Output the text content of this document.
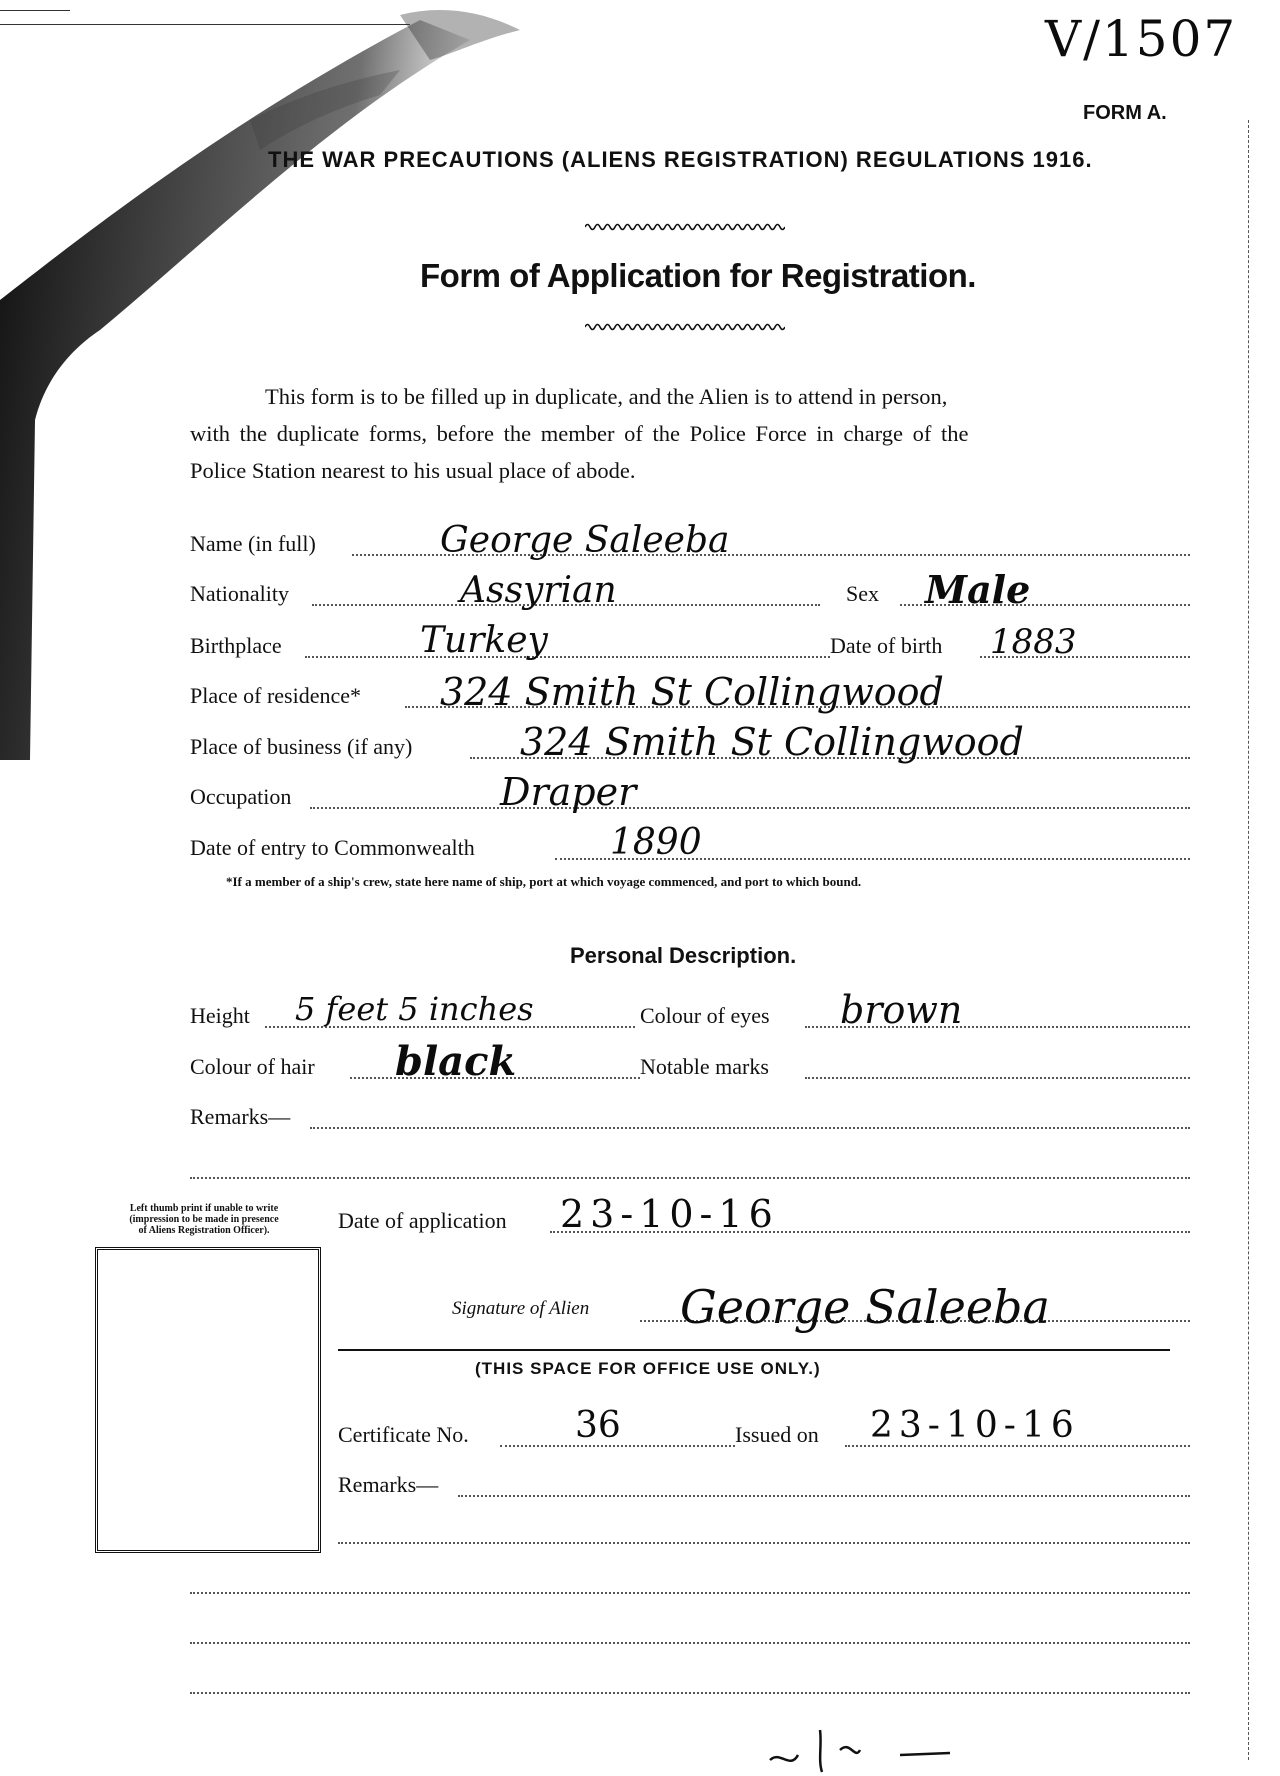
V/1507
FORM A.
THE WAR PRECAUTIONS (ALIENS REGISTRATION) REGULATIONS 1916.
Form of Application for Registration.
This form is to be filled up in duplicate, and the Alien is to attend in person,
with the duplicate forms, before the member of the Police Force in charge of the
Police Station nearest to his usual place of abode.
Name (in full)	George Saleeba
Nationality	Assyrian	Sex Male
Birthplace	Turkey	Date of birth 1883
Place of residence* 324 Smith St Collingwood
Place of business (if any)	324 Smith St Collingwood
Occupation	Draper
Date of entry to Commonwealth	1890
*If a member of a ship's crew, state here name of ship, port at which voyage commenced, and port to which bound.
Personal Description.
Height 5 feet 5 inches	Colour of eyes brown
Colour of hair black	Notable marks
Remarks—
Left thumb print if unable to write
(impression to be made in presence
of Aliens Registration Officer).	Date of application 23-10-16
Signature of Alien George Saleeba
(THIS SPACE FOR OFFICE USE ONLY.)
Certificate No.	36	Issued on 23-10-16
Remarks—
